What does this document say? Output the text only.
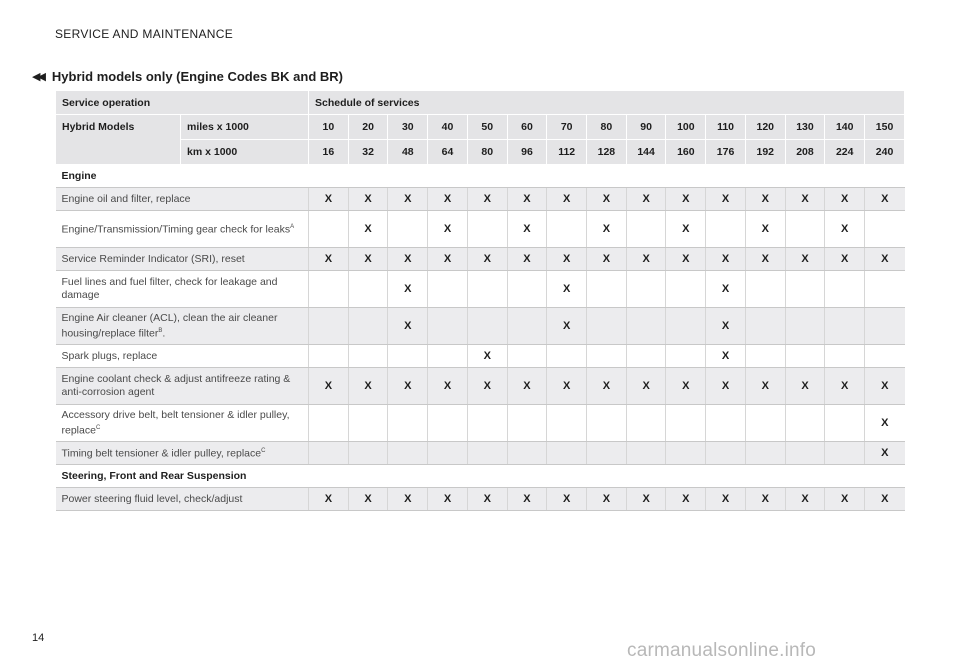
SERVICE AND MAINTENANCE
◀◀ Hybrid models only (Engine Codes BK and BR)
Service operation		Schedule of services														
Hybrid Models	miles x 1000	10	20	30	40	50	60	70	80	90	100	110	120	130	140	150
	km x 1000	16	32	48	64	80	96	112	128	144	160	176	192	208	224	240
Engine																
Engine oil and filter, replace		X	X	X	X	X	X	X	X	X	X	X	X	X	X	X
Engine/Transmission/Timing gear check for leaks$^A$			X		X		X		X		X		X		X	
Service Reminder Indicator (SRI), reset		X	X	X	X	X	X	X	X	X	X	X	X	X	X	X
Fuel lines and fuel filter, check for leakage and damage				X				X				X				
Engine Air cleaner (ACL), clean the air cleaner housing/replace filter$^B$.				X				X				X				
Spark plugs, replace						X						X				
Engine coolant check & adjust antifreeze rating & anti-corrosion agent		X	X	X	X	X	X	X	X	X	X	X	X	X	X	X
Accessory drive belt, belt tensioner & idler pulley, replace$^C$																X
Timing belt tensioner & idler pulley, replace$^C$																X
Steering, Front and Rear Suspension																
Power steering fluid level, check/adjust		X	X	X	X	X	X	X	X	X	X	X	X	X	X	X
14
carmanualsonline.info
